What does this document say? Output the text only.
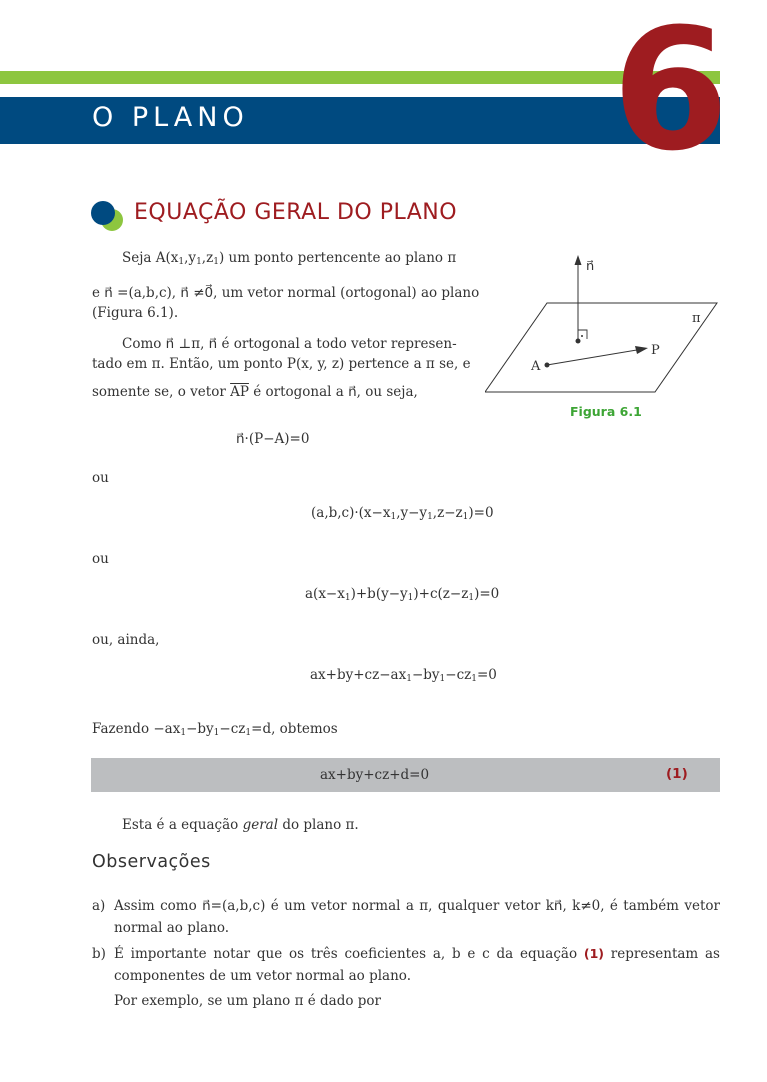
O PLANO 6
EQUAÇÃO GERAL DO PLANO
Seja $A(x_1,y_1,z_1)$ um ponto pertencente ao plano π
e n⃗ =(a,b,c), n⃗ ≠0⃗, um vetor normal (ortogonal) ao plano
(Figura 6.1).
Como n⃗ ⊥π, n⃗ é ortogonal a todo vetor represen-
tado em π. Então, um ponto P(x, y, z) pertence a π se, e
somente se, o vetor $\overline{AP}$ é ortogonal a n⃗, ou seja,
n⃗
π
A
P
Figura 6.1
n⃗·(P−A)=0
ou
$(a,b,c)\cdot(x-x_1,y-y_1,z-z_1)=0$
ou
$a(x-x_1)+b(y-y_1)+c(z-z_1)=0$
ou, ainda,
$ax+by+cz-ax_1-by_1-cz_1=0$
Fazendo $-ax_1-by_1-cz_1=d$, obtemos
ax+by+cz+d=0	(1)
Esta é a equação geral do plano π.
Observações
a) Assim como n⃗=(a,b,c) é um vetor normal a π, qualquer vetor kn⃗, k≠0, é também vetor normal ao plano.
b) É importante notar que os três coeficientes a, b e c da equação (1) representam as componentes de um vetor normal ao plano.
Por exemplo, se um plano π é dado por
